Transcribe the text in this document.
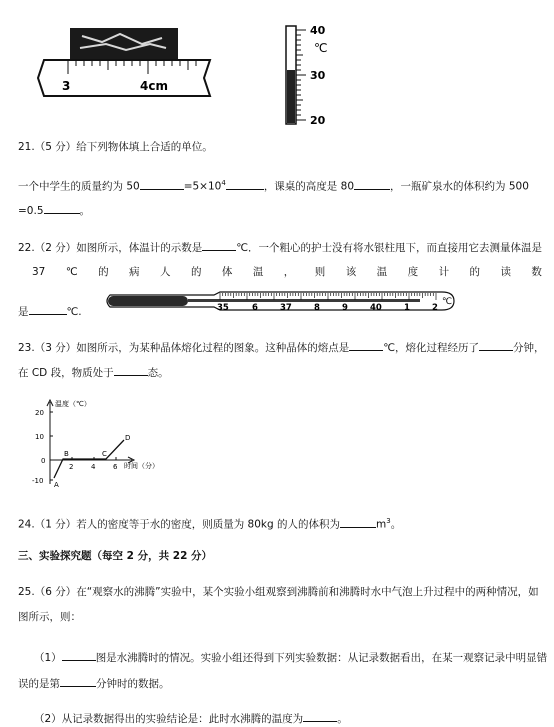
3	4cm
40
℃
30
20
21.（5 分）给下列物体填上合适的单位。
一个中学生的质量约为 50	$=5\times 10^4$	，课桌的高度是 80	，一瓶矿泉水的体积约为 500
=0.5	。
22.（2 分）如图所示，体温计的示数是	℃．一个粗心的护士没有将水银柱甩下，而直接用它去测量体温是
37 ℃ 的 病 人 的 体 温 ， 则 该 温 度 计 的 读 数
是	℃.	35	6	37	8	9	40	1	2
℃
23.（3 分）如图所示，为某种晶体熔化过程的图象。这种晶体的熔点是	℃，熔化过程经历了	分钟，
在 CD 段，物质处于	态。
温度（℃）
时间（分）
20
10
0
-10
2	4	6
A
B	C
D
24.（1 分）若人的密度等于水的密度，则质量为 80kg 的人的体积为	$m^3$。
三、实验探究题（每空 2 分，共 22 分）
25.（6 分）在“观察水的沸腾”实验中，某个实验小组观察到沸腾前和沸腾时水中气泡上升过程中的两种情况，如
图所示，则：
（1）	图是水沸腾时的情况。实验小组还得到下列实验数据：从记录数据看出，在某一观察记录中明显错
误的是第	分钟时的数据。
（2）从记录数据得出的实验结论是：此时水沸腾的温度为	。
